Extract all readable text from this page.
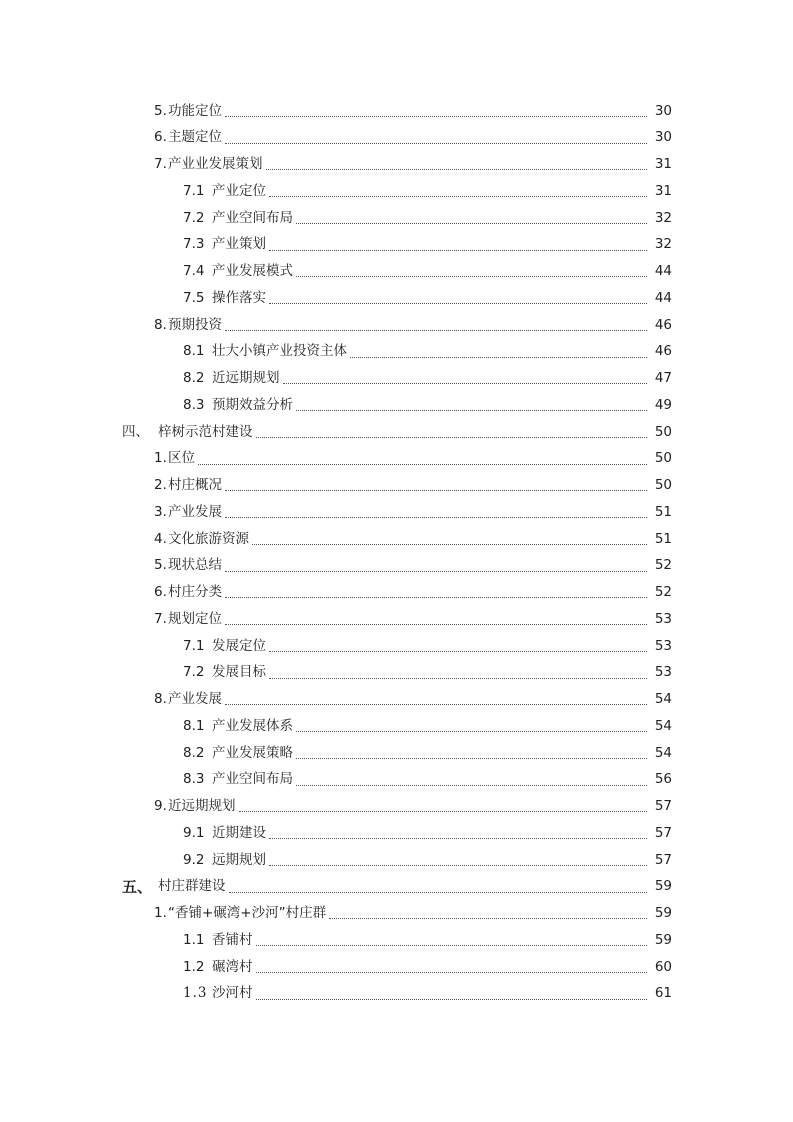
5. 功能定位	30
6. 主题定位	30
7. 产业业发展策划	31
7.1 产业定位	31
7.2 产业空间布局	32
7.3 产业策划	32
7.4 产业发展模式	44
7.5 操作落实	44
8. 预期投资	46
8.1 壮大小镇产业投资主体	46
8.2 近远期规划	47
8.3 预期效益分析	49
四、 梓树示范村建设	50
1. 区位	50
2. 村庄概况	50
3. 产业发展	51
4. 文化旅游资源	51
5. 现状总结	52
6. 村庄分类	52
7. 规划定位	53
7.1 发展定位	53
7.2 发展目标	53
8. 产业发展	54
8.1 产业发展体系	54
8.2 产业发展策略	54
8.3 产业空间布局	56
9. 近远期规划	57
9.1 近期建设	57
9.2 远期规划	57
五、 村庄群建设	59
1. “香铺+碾湾+沙河”村庄群	59
1.1 香铺村	59
1.2 碾湾村	60
1.3 沙河村	61
